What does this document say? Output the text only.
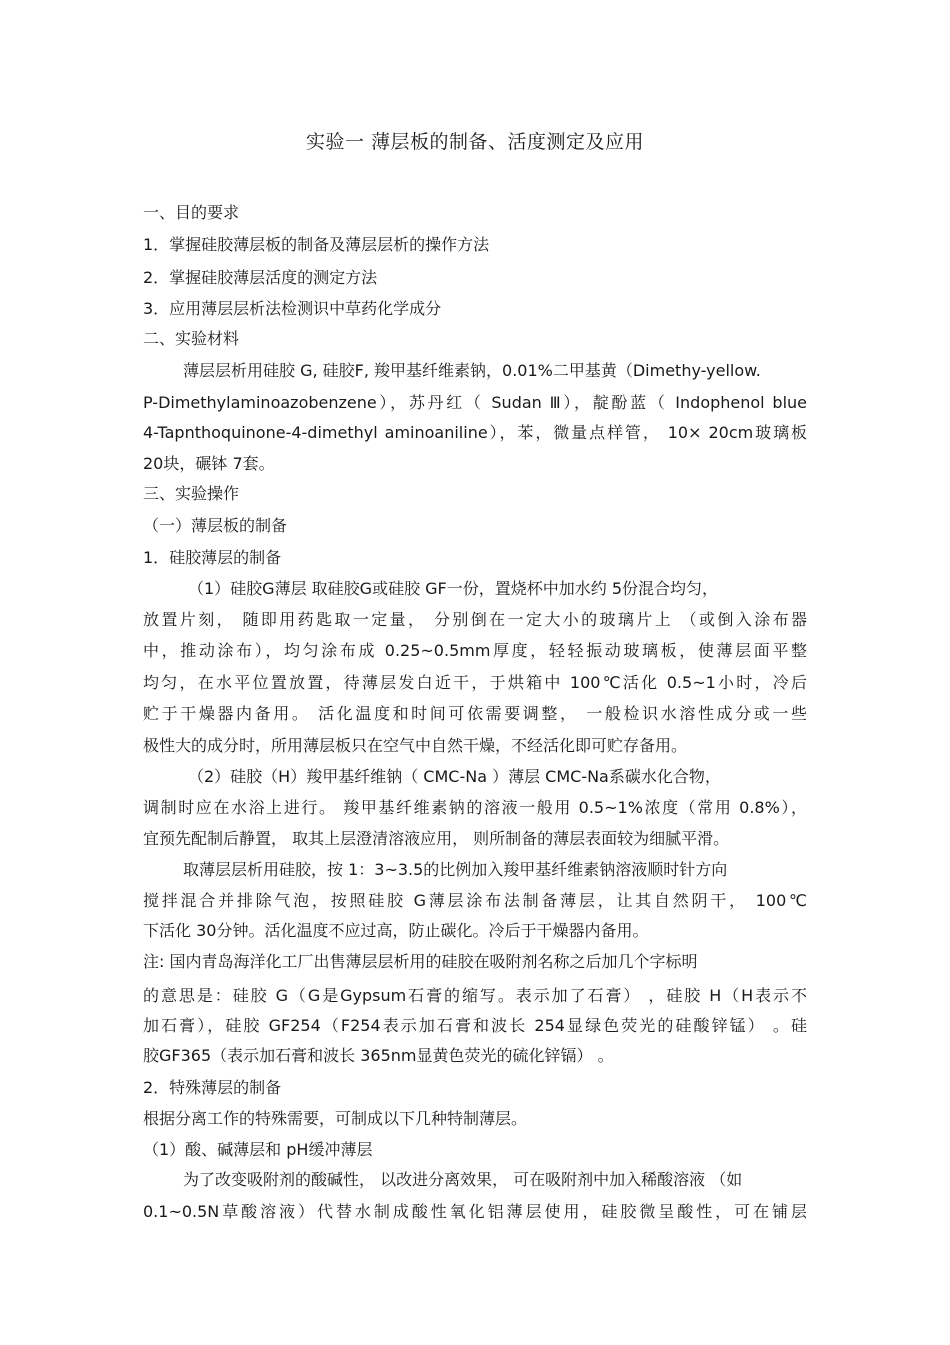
实验一 薄层板的制备、活度测定及应用
一、目的要求
1．掌握硅胶薄层板的制备及薄层层析的操作方法
2．掌握硅胶薄层活度的测定方法
3．应用薄层层析法检测识中草药化学成分
二、实验材料
薄层层析用硅胶 G, 硅胶F, 羧甲基纤维素钠，0.01%二甲基黄（Dimethy-yellow.
P-Dimethylaminoazobenzene），苏丹红（ Sudan Ⅲ），靛酚蓝（ Indophenol blue
4-Tapnthoquinone-4-dimethyl aminoaniline），苯，微量点样管， 10× 20cm玻璃板
20块，碾钵 7套。
三、实验操作
（一）薄层板的制备
1．硅胶薄层的制备
（1）硅胶G薄层 取硅胶G或硅胶 GF一份，置烧杯中加水约 5份混合均匀，
放置片刻， 随即用药匙取一定量， 分别倒在一定大小的玻璃片上 （或倒入涂布器
中，推动涂布），均匀涂布成 0.25~0.5mm厚度，轻轻振动玻璃板，使薄层面平整
均匀，在水平位置放置，待薄层发白近干，于烘箱中 100℃活化 0.5~1小时，冷后
贮于干燥器内备用。 活化温度和时间可依需要调整， 一般检识水溶性成分或一些
极性大的成分时，所用薄层板只在空气中自然干燥，不经活化即可贮存备用。
（2）硅胶（H）羧甲基纤维钠（ CMC-Na ）薄层 CMC-Na系碳水化合物，
调制时应在水浴上进行。 羧甲基纤维素钠的溶液一般用 0.5~1%浓度（常用 0.8%），
宜预先配制后静置， 取其上层澄清溶液应用， 则所制备的薄层表面较为细腻平滑。
取薄层层析用硅胶，按 1：3~3.5的比例加入羧甲基纤维素钠溶液顺时针方向
搅拌混合并排除气泡，按照硅胶 G薄层涂布法制备薄层，让其自然阴干， 100℃
下活化 30分钟。活化温度不应过高，防止碳化。冷后于干燥器内备用。
注: 国内青岛海洋化工厂出售薄层层析用的硅胶在吸附剂名称之后加几个字标明
的意思是：硅胶 G（G是Gypsum石膏的缩写。表示加了石膏） ，硅胶 H（H表示不
加石膏），硅胶 GF254（F254表示加石膏和波长 254显绿色荧光的硅酸锌锰） 。硅
胶GF365（表示加石膏和波长 365nm显黄色荧光的硫化锌镉） 。
2．特殊薄层的制备
根据分离工作的特殊需要，可制成以下几种特制薄层。
（1）酸、碱薄层和 pH缓冲薄层
为了改变吸附剂的酸碱性， 以改进分离效果， 可在吸附剂中加入稀酸溶液 （如
0.1~0.5N草酸溶液）代替水制成酸性氧化铝薄层使用，硅胶微呈酸性，可在铺层
